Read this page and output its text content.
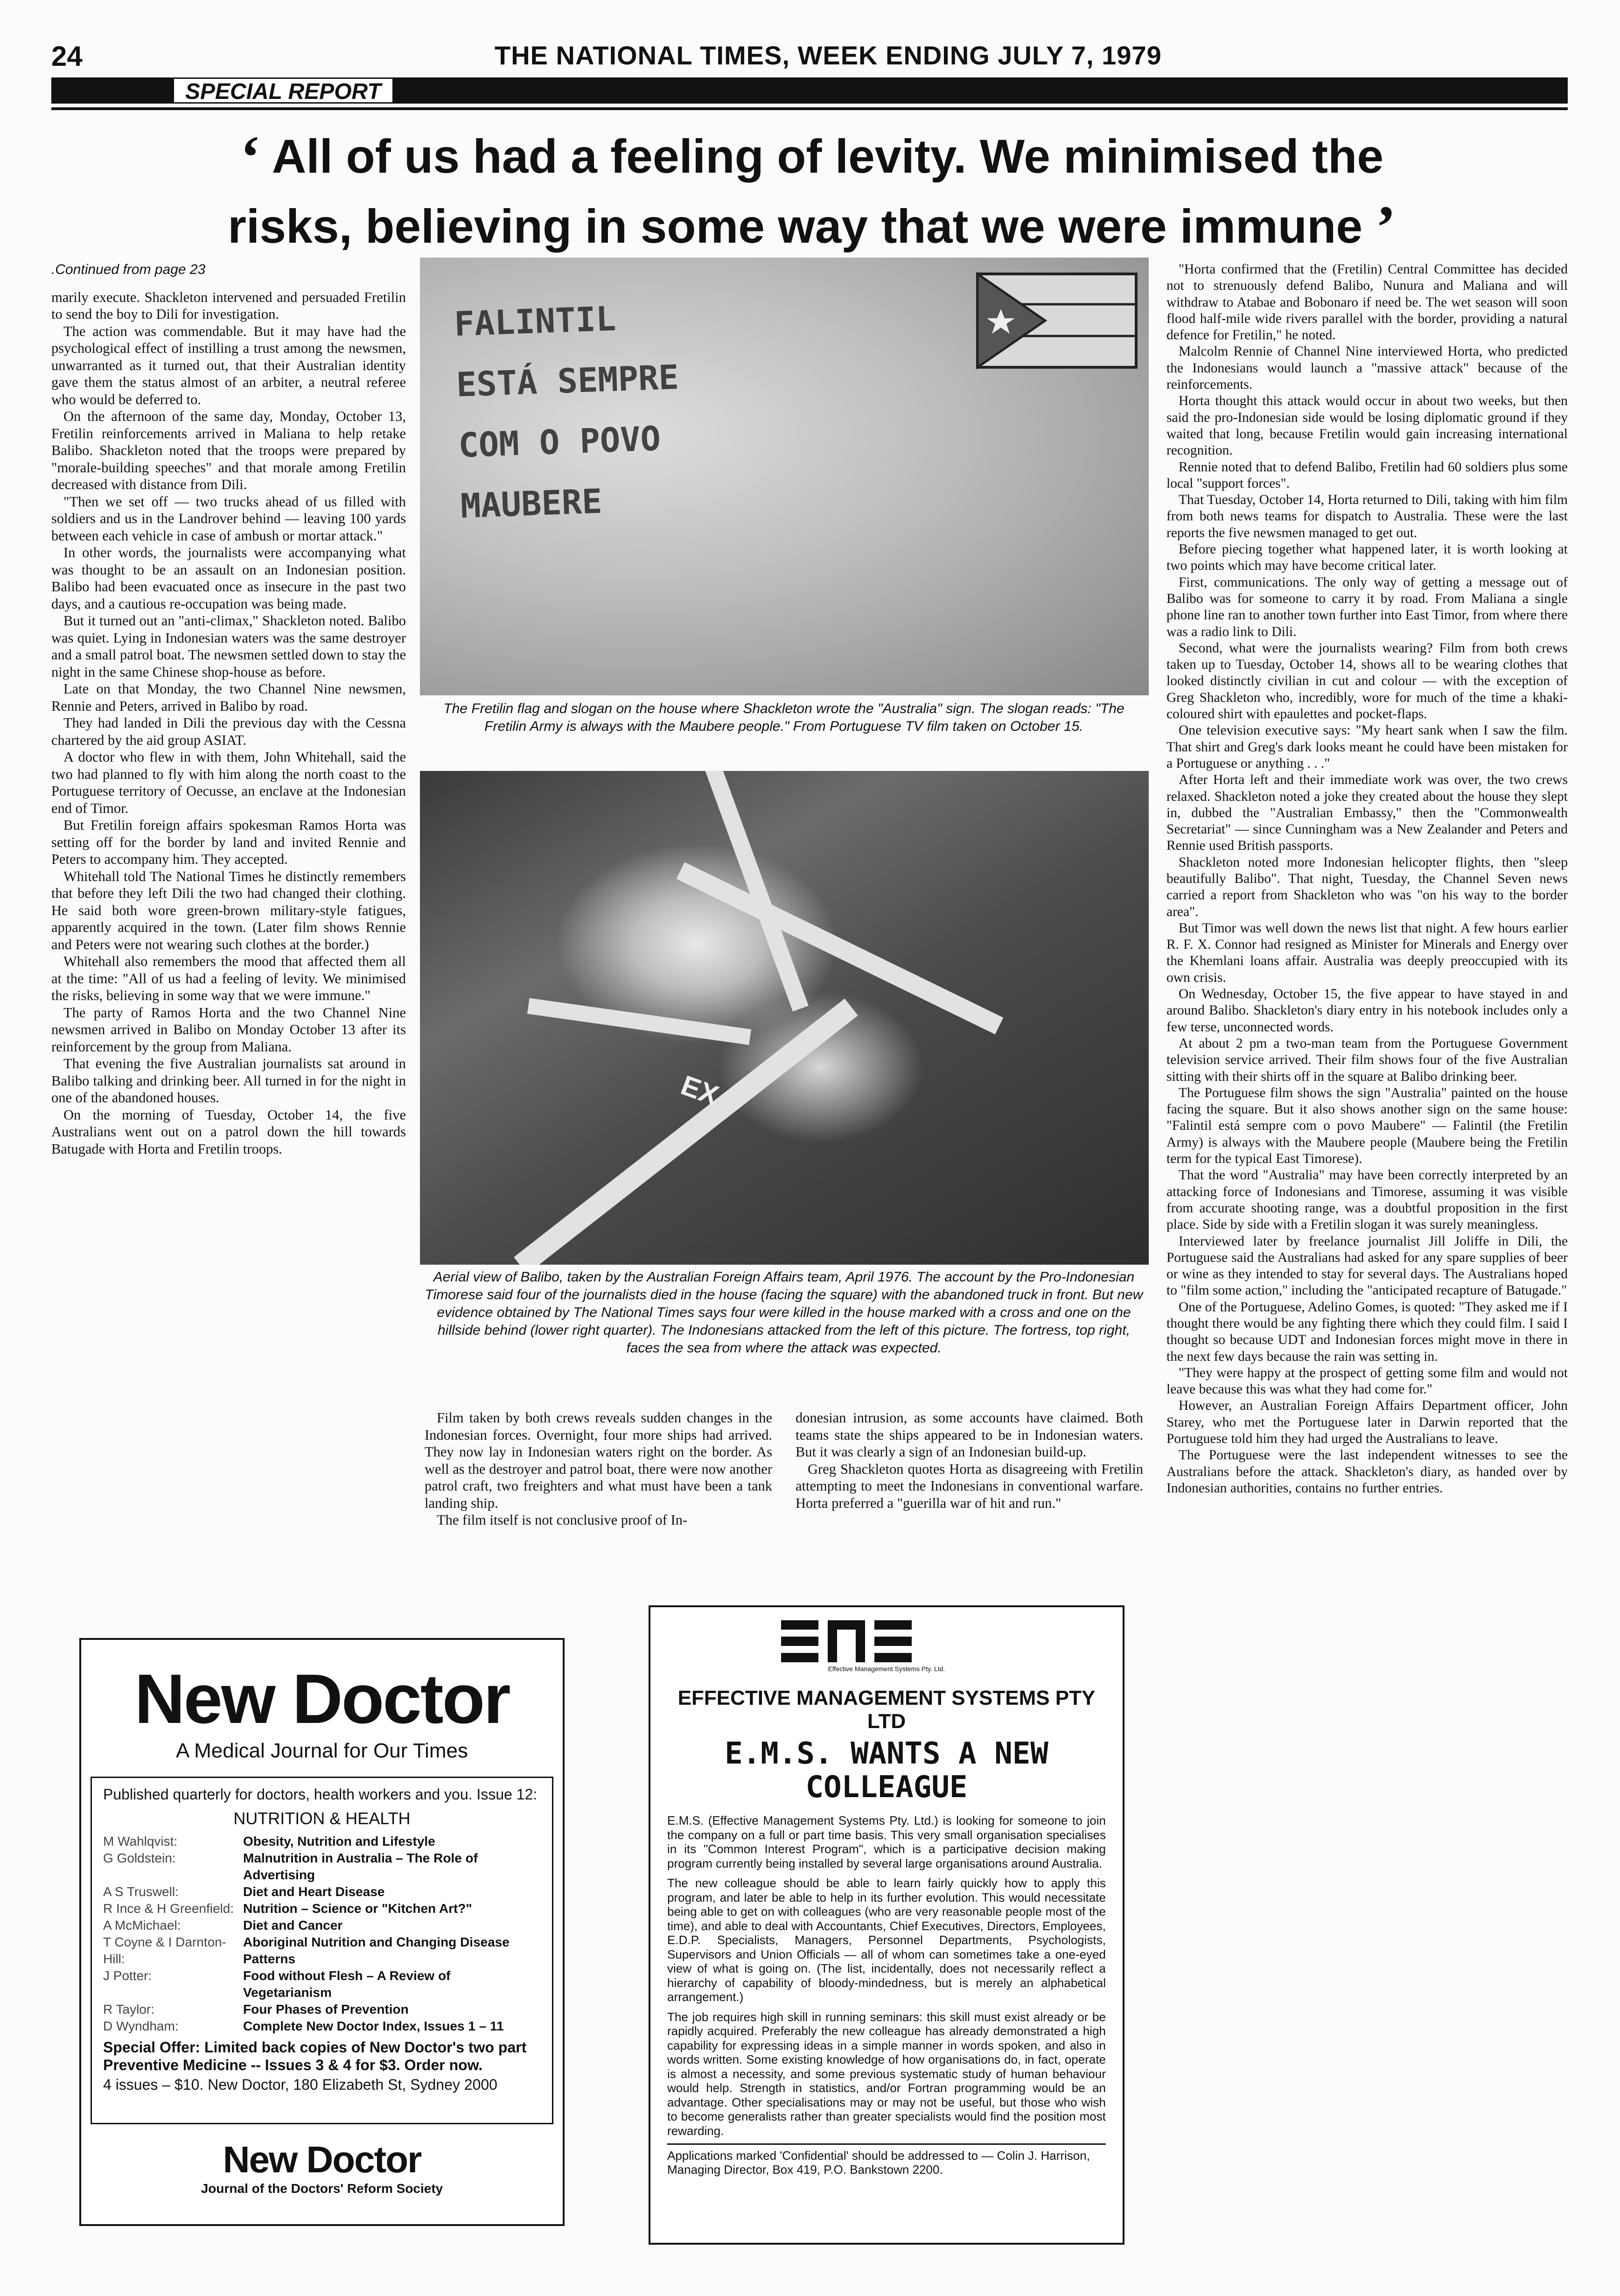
24	THE NATIONAL TIMES, WEEK ENDING JULY 7, 1979
SPECIAL REPORT
‘ All of us had a feeling of levity. We minimised the
risks, believing in some way that we were immune ’

.Continued from page 23

marily execute. Shackleton intervened and persuaded Fretilin to send the boy to Dili for investigation.

The action was commendable. But it may have had the psychological effect of instilling a trust among the newsmen, unwarranted as it turned out, that their Australian identity gave them the status almost of an arbiter, a neutral referee who would be deferred to.

On the afternoon of the same day, Monday, October 13, Fretilin reinforcements arrived in Maliana to help retake Balibo. Shackleton noted that the troops were prepared by "morale-building speeches" and that morale among Fretilin decreased with distance from Dili.

"Then we set off — two trucks ahead of us filled with soldiers and us in the Landrover behind — leaving 100 yards between each vehicle in case of ambush or mortar attack."

In other words, the journalists were accompanying what was thought to be an assault on an Indonesian position. Balibo had been evacuated once as insecure in the past two days, and a cautious re-occupation was being made.

But it turned out an "anti-climax," Shackleton noted. Balibo was quiet. Lying in Indonesian waters was the same destroyer and a small patrol boat. The newsmen settled down to stay the night in the same Chinese shop-house as before.

Late on that Monday, the two Channel Nine newsmen, Rennie and Peters, arrived in Balibo by road.

They had landed in Dili the previous day with the Cessna chartered by the aid group ASIAT.

A doctor who flew in with them, John Whitehall, said the two had planned to fly with him along the north coast to the Portuguese territory of Oecusse, an enclave at the Indonesian end of Timor.

But Fretilin foreign affairs spokesman Ramos Horta was setting off for the border by land and invited Rennie and Peters to accompany him. They accepted.

Whitehall told The National Times he distinctly remembers that before they left Dili the two had changed their clothing. He said both wore green-brown military-style fatigues, apparently acquired in the town. (Later film shows Rennie and Peters were not wearing such clothes at the border.)

Whitehall also remembers the mood that affected them all at the time: "All of us had a feeling of levity. We minimised the risks, believing in some way that we were immune."

The party of Ramos Horta and the two Channel Nine newsmen arrived in Balibo on Monday October 13 after its reinforcement by the group from Maliana.

That evening the five Australian journalists sat around in Balibo talking and drinking beer. All turned in for the night in one of the abandoned houses.

On the morning of Tuesday, October 14, the five Australians went out on a patrol down the hill towards Batugade with Horta and Fretilin troops.

FALINTIL
ESTÁ SEMPRE
COM O POVO
MAUBERE
The Fretilin flag and slogan on the house where Shackleton wrote the "Australia" sign. The slogan reads: "The Fretilin Army is always with the Maubere people." From Portuguese TV film taken on October 15.
EX
Aerial view of Balibo, taken by the Australian Foreign Affairs team, April 1976. The account by the Pro-Indonesian Timorese said four of the journalists died in the house (facing the square) with the abandoned truck in front. But new evidence obtained by The National Times says four were killed in the house marked with a cross and one on the hillside behind (lower right quarter). The Indonesians attacked from the left of this picture. The fortress, top right, faces the sea from where the attack was expected.

Film taken by both crews reveals sudden changes in the Indonesian forces. Overnight, four more ships had arrived. They now lay in Indonesian waters right on the border. As well as the destroyer and patrol boat, there were now another patrol craft, two freighters and what must have been a tank landing ship.

The film itself is not conclusive proof of In-

donesian intrusion, as some accounts have claimed. Both teams state the ships appeared to be in Indonesian waters. But it was clearly a sign of an Indonesian build-up.

Greg Shackleton quotes Horta as disagreeing with Fretilin attempting to meet the Indonesians in conventional warfare. Horta preferred a "guerilla war of hit and run."

"Horta confirmed that the (Fretilin) Central Committee has decided not to strenuously defend Balibo, Nunura and Maliana and will withdraw to Atabae and Bobonaro if need be. The wet season will soon flood half-mile wide rivers parallel with the border, providing a natural defence for Fretilin," he noted.

Malcolm Rennie of Channel Nine interviewed Horta, who predicted the Indonesians would launch a "massive attack" because of the reinforcements.

Horta thought this attack would occur in about two weeks, but then said the pro-Indonesian side would be losing diplomatic ground if they waited that long, because Fretilin would gain increasing international recognition.

Rennie noted that to defend Balibo, Fretilin had 60 soldiers plus some local "support forces".

That Tuesday, October 14, Horta returned to Dili, taking with him film from both news teams for dispatch to Australia. These were the last reports the five newsmen managed to get out.

Before piecing together what happened later, it is worth looking at two points which may have become critical later.

First, communications. The only way of getting a message out of Balibo was for someone to carry it by road. From Maliana a single phone line ran to another town further into East Timor, from where there was a radio link to Dili.

Second, what were the journalists wearing? Film from both crews taken up to Tuesday, October 14, shows all to be wearing clothes that looked distinctly civilian in cut and colour — with the exception of Greg Shackleton who, incredibly, wore for much of the time a khaki-coloured shirt with epaulettes and pocket-flaps.

One television executive says: "My heart sank when I saw the film. That shirt and Greg's dark looks meant he could have been mistaken for a Portuguese or anything . . ."

After Horta left and their immediate work was over, the two crews relaxed. Shackleton noted a joke they created about the house they slept in, dubbed the "Australian Embassy," then the "Commonwealth Secretariat" — since Cunningham was a New Zealander and Peters and Rennie used British passports.

Shackleton noted more Indonesian helicopter flights, then "sleep beautifully Balibo". That night, Tuesday, the Channel Seven news carried a report from Shackleton who was "on his way to the border area".

But Timor was well down the news list that night. A few hours earlier R. F. X. Connor had resigned as Minister for Minerals and Energy over the Khemlani loans affair. Australia was deeply preoccupied with its own crisis.

On Wednesday, October 15, the five appear to have stayed in and around Balibo. Shackleton's diary entry in his notebook includes only a few terse, unconnected words.

At about 2 pm a two-man team from the Portuguese Government television service arrived. Their film shows four of the five Australian sitting with their shirts off in the square at Balibo drinking beer.

The Portuguese film shows the sign "Australia" painted on the house facing the square. But it also shows another sign on the same house: "Falintil está sempre com o povo Maubere" — Falintil (the Fretilin Army) is always with the Maubere people (Maubere being the Fretilin term for the typical East Timorese).

That the word "Australia" may have been correctly interpreted by an attacking force of Indonesians and Timorese, assuming it was visible from accurate shooting range, was a doubtful proposition in the first place. Side by side with a Fretilin slogan it was surely meaningless.

Interviewed later by freelance journalist Jill Joliffe in Dili, the Portuguese said the Australians had asked for any spare supplies of beer or wine as they intended to stay for several days. The Australians hoped to "film some action," including the "anticipated recapture of Batugade."

One of the Portuguese, Adelino Gomes, is quoted: "They asked me if I thought there would be any fighting there which they could film. I said I thought so because UDT and Indonesian forces might move in there in the next few days because the rain was setting in.

"They were happy at the prospect of getting some film and would not leave because this was what they had come for."

However, an Australian Foreign Affairs Department officer, John Starey, who met the Portuguese later in Darwin reported that the Portuguese told him they had urged the Australians to leave.

The Portuguese were the last independent witnesses to see the Australians before the attack. Shackleton's diary, as handed over by Indonesian authorities, contains no further entries.

New Doctor
A Medical Journal for Our Times
Published quarterly for doctors, health workers and you. Issue 12:
NUTRITION & HEALTH
M Wahlqvist:	Obesity, Nutrition and Lifestyle
G Goldstein:	Malnutrition in Australia – The Role of Advertising
A S Truswell:	Diet and Heart Disease
R Ince & H Greenfield: Nutrition – Science or "Kitchen Art?"
A McMichael:	Diet and Cancer
T Coyne & I Darnton-Hill:
Aboriginal Nutrition and Changing Disease Patterns
J Potter:	Food without Flesh – A Review of Vegetarianism
R Taylor:	Four Phases of Prevention
D Wyndham:	Complete New Doctor Index, Issues 1 – 11
Special Offer: Limited back copies of New Doctor's two part Preventive Medicine -- Issues 3 & 4 for $3. Order now.
4 issues – $10. New Doctor, 180 Elizabeth St, Sydney 2000
New Doctor
Journal of the Doctors' Reform Society
Effective Management Systems Pty. Ltd.
EFFECTIVE MANAGEMENT SYSTEMS PTY LTD
E.M.S. WANTS A NEW COLLEAGUE

E.M.S. (Effective Management Systems Pty. Ltd.) is looking for someone to join the company on a full or part time basis. This very small organisation specialises in its "Common Interest Program", which is a participative decision making program currently being installed by several large organisations around Australia.

The new colleague should be able to learn fairly quickly how to apply this program, and later be able to help in its further evolution. This would necessitate being able to get on with colleagues (who are very reasonable people most of the time), and able to deal with Accountants, Chief Executives, Directors, Employees, E.D.P. Specialists, Managers, Personnel Departments, Psychologists, Supervisors and Union Officials — all of whom can sometimes take a one-eyed view of what is going on. (The list, incidentally, does not necessarily reflect a hierarchy of capability of bloody-mindedness, but is merely an alphabetical arrangement.)

The job requires high skill in running seminars: this skill must exist already or be rapidly acquired. Preferably the new colleague has already demonstrated a high capability for expressing ideas in a simple manner in words spoken, and also in words written. Some existing knowledge of how organisations do, in fact, operate is almost a necessity, and some previous systematic study of human behaviour would help. Strength in statistics, and/or Fortran programming would be an advantage. Other specialisations may or may not be useful, but those who wish to become generalists rather than greater specialists would find the position most rewarding.

Applications marked 'Confidential' should be addressed to — Colin J. Harrison, Managing Director, Box 419, P.O. Bankstown 2200.
